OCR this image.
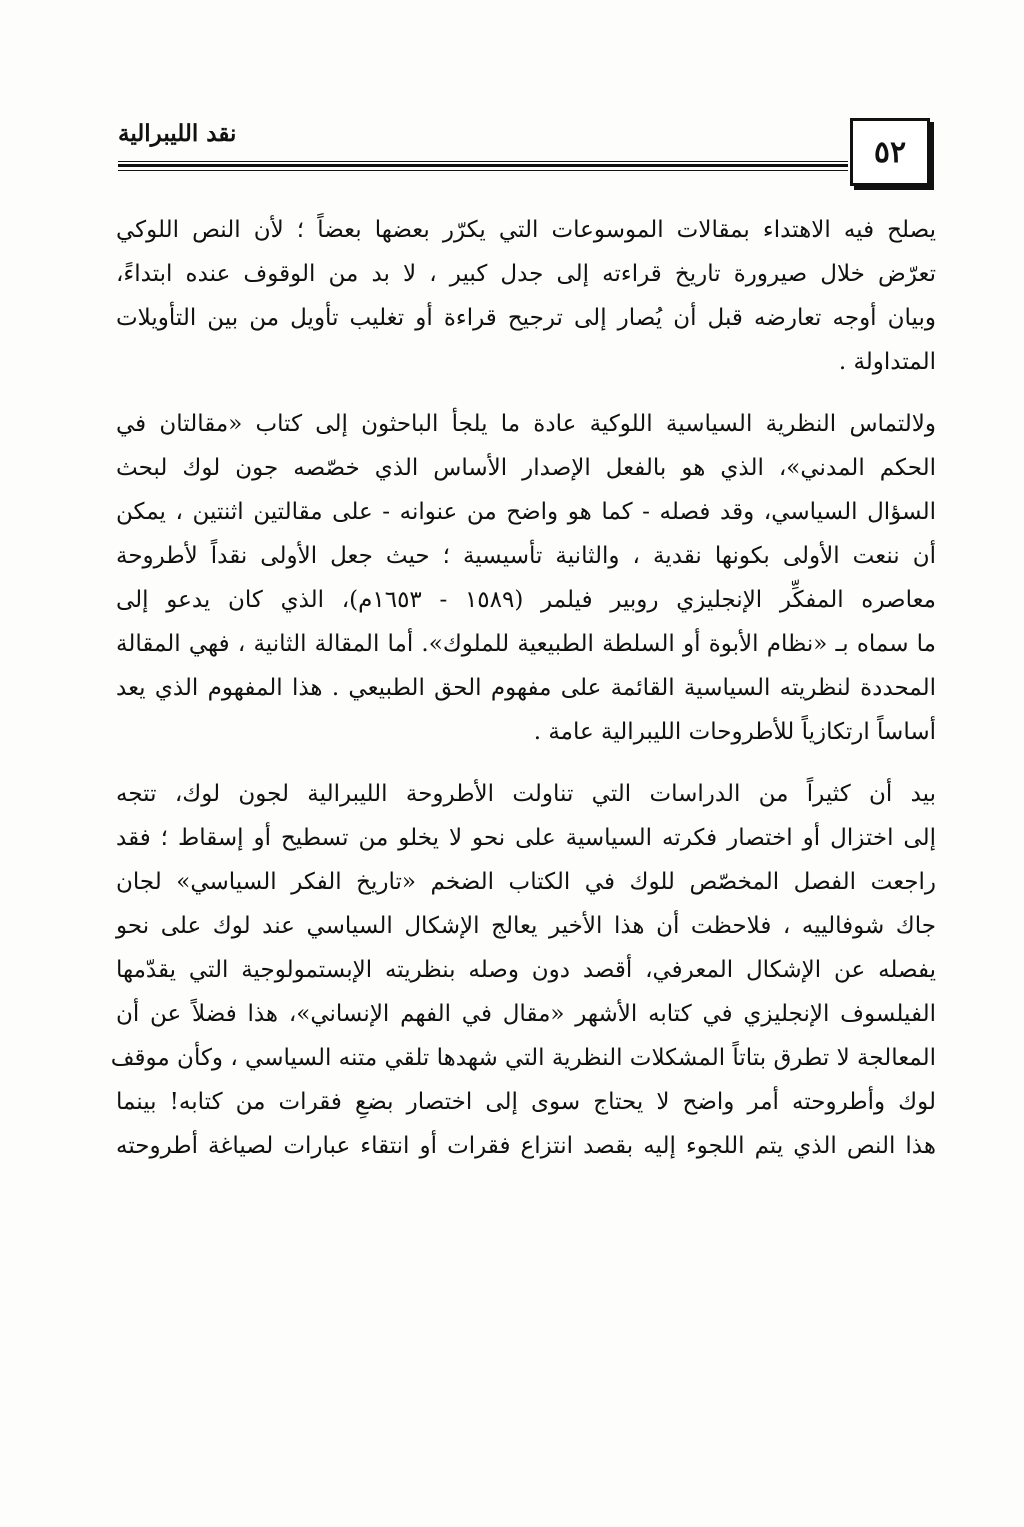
نقد الليبرالية
٥٢
يصلح فيه الاهتداء بمقالات الموسوعات التي يكرّر بعضها بعضاً ؛ لأن النص اللوكي
تعرّض خلال صيرورة تاريخ قراءته إلى جدل كبير ، لا بد من الوقوف عنده ابتداءً،
وبيان أوجه تعارضه قبل أن يُصار إلى ترجيح قراءة أو تغليب تأويل من بين التأويلات
المتداولة .
ولالتماس النظرية السياسية اللوكية عادة ما يلجأ الباحثون إلى كتاب «مقالتان في
الحكم المدني»، الذي هو بالفعل الإصدار الأساس الذي خصّصه جون لوك لبحث
السؤال السياسي، وقد فصله - كما هو واضح من عنوانه - على مقالتين اثنتين ، يمكن
أن ننعت الأولى بكونها نقدية ، والثانية تأسيسية ؛ حيث جعل الأولى نقداً لأطروحة
معاصره المفكِّر الإنجليزي روبير فيلمر (١٥٨٩ - ١٦٥٣م)، الذي كان يدعو إلى
ما سماه بـ «نظام الأبوة أو السلطة الطبيعية للملوك». أما المقالة الثانية ، فهي المقالة
المحددة لنظريته السياسية القائمة على مفهوم الحق الطبيعي . هذا المفهوم الذي يعد
أساساً ارتكازياً للأطروحات الليبرالية عامة .
بيد أن كثيراً من الدراسات التي تناولت الأطروحة الليبرالية لجون لوك، تتجه
إلى اختزال أو اختصار فكرته السياسية على نحو لا يخلو من تسطيح أو إسقاط ؛ فقد
راجعت الفصل المخصّص للوك في الكتاب الضخم «تاريخ الفكر السياسي» لجان
جاك شوفالييه ، فلاحظت أن هذا الأخير يعالج الإشكال السياسي عند لوك على نحو
يفصله عن الإشكال المعرفي، أقصد دون وصله بنظريته الإبستمولوجية التي يقدّمها
الفيلسوف الإنجليزي في كتابه الأشهر «مقال في الفهم الإنساني»، هذا فضلاً عن أن
المعالجة لا تطرق بتاتاً المشكلات النظرية التي شهدها تلقي متنه السياسي ، وكأن موقف
لوك وأطروحته أمر واضح لا يحتاج سوى إلى اختصار بضعِ فقرات من كتابه! بينما
هذا النص الذي يتم اللجوء إليه بقصد انتزاع فقرات أو انتقاء عبارات لصياغة أطروحته
